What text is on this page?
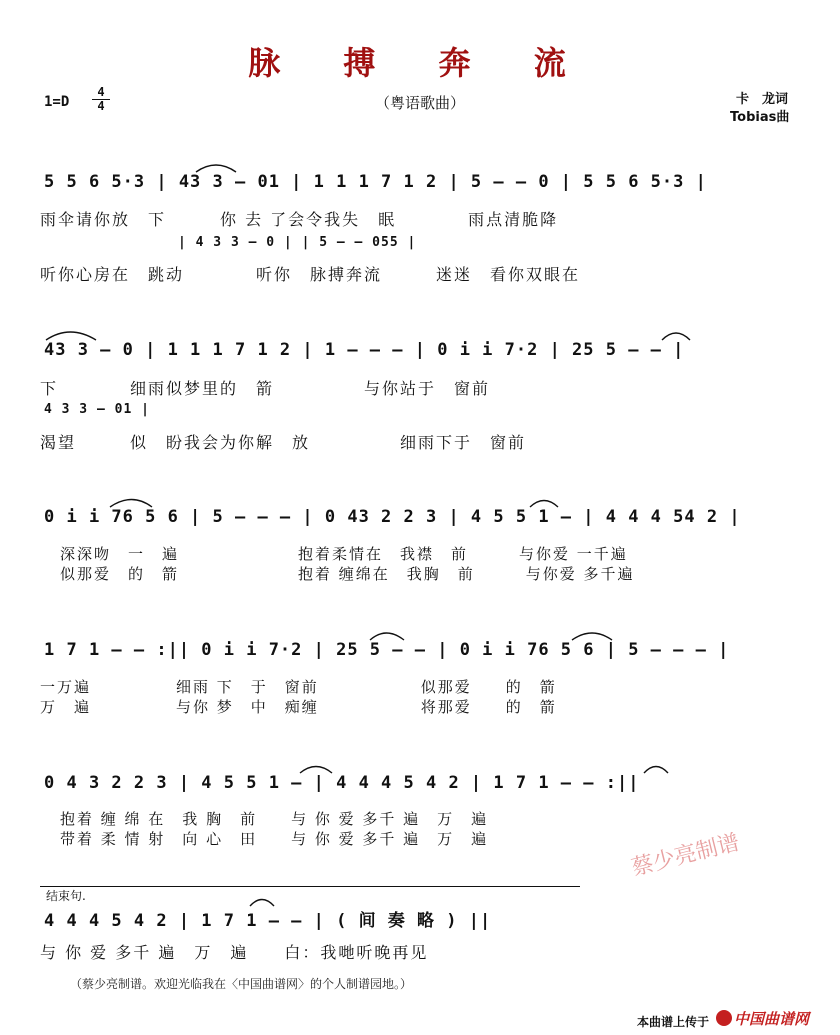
脉 搏 奔 流
（粤语歌曲）
1=D
4
4	卡　龙词
Tobias曲
5 5 6 5·3 | 43 3 — 01 | 1 1 1 7 1 2 | 5 — — 0 | 5 5 6 5·3 |
雨伞请你放　下　　　你 去 了会令我失　眠　　　　雨点清脆降
| 4 3 3 — 0 | | 5 — — 055 |
听你心房在　跳动　　　　听你　脉搏奔流　　　迷迷　看你双眼在
43 3 — 0 | 1 1 1 7 1 2 | 1 — — — | 0 i i 7·2 | 25 5 — — |
下　　　　细雨似梦里的　箭　　　　　与你站于　窗前
4 3 3 — 01 |
渴望　　　似　盼我会为你解　放　　　　　细雨下于　窗前
0 i i 76 5 6 | 5 — — — | 0 43 2 2 3 | 4 5 5 1 — | 4 4 4 54 2 |
深深吻　一　遍　　　　　　　抱着柔情在　我襟　前　　　与你爱 一千遍
似那爱　的　箭　　　　　　　抱着 缠绵在　我胸　前　　　与你爱 多千遍
1 7 1 — — :|| 0 i i 7·2 | 25 5 — — | 0 i i 76 5 6 | 5 — — — |
一万遍　　　　　细雨 下　于　窗前　　　　　　似那爱　　的　箭
万　遍　　　　　与你 梦　中　痴缠　　　　　　将那爱　　的　箭
0 4 3 2 2 3 | 4 5 5 1 — | 4 4 4 5 4 2 | 1 7 1 — — :||
抱着 缠 绵 在　我 胸　前　　与 你 爱 多千 遍　万　遍
带着 柔 情 射　向 心　田　　与 你 爱 多千 遍　万　遍
结束句.
4 4 4 5 4 2 | 1 7 1 — — | ( 间 奏 略 ) ||
与 你 爱 多千 遍　万　遍　　白：我哋听晚再见
蔡少亮制谱
（蔡少亮制谱。欢迎光临我在〈中国曲谱网〉的个人制谱园地。）
本曲谱上传于 中国曲谱网
